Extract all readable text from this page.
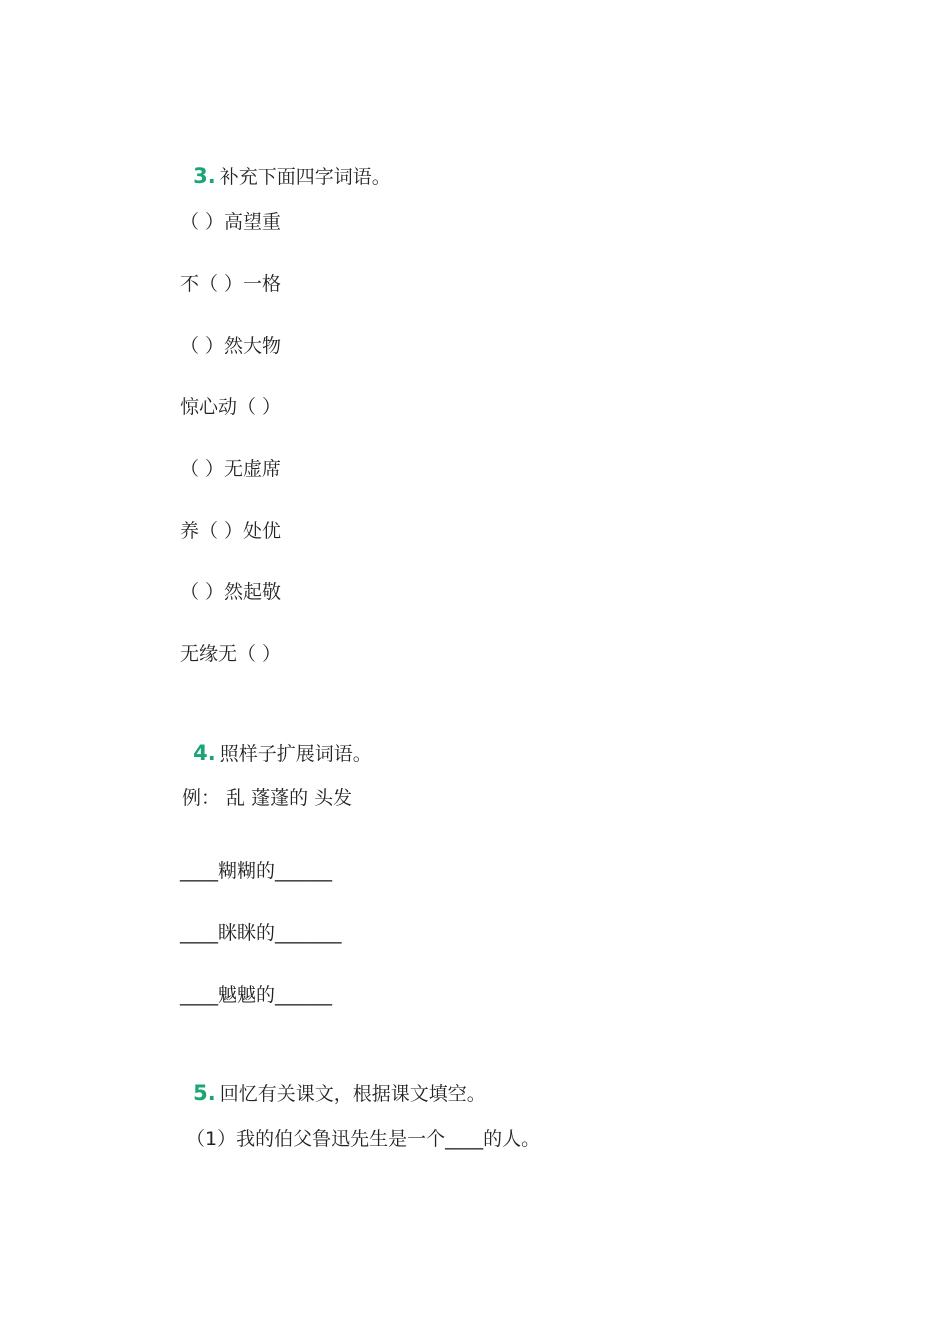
3. 补充下面四字词语。

（ ）高望重
不（ ）一格
（ ）然大物
惊心动（ ）
（ ）无虚席
养（ ）处优
（ ）然起敬
无缘无（ ）

4. 照样子扩展词语。

例： 乱 蓬蓬的 头发
____糊糊的______
____眯眯的_______
____魆魆的______

5. 回忆有关课文，根据课文填空。

（1）我的伯父鲁迅先生是一个____的人。
